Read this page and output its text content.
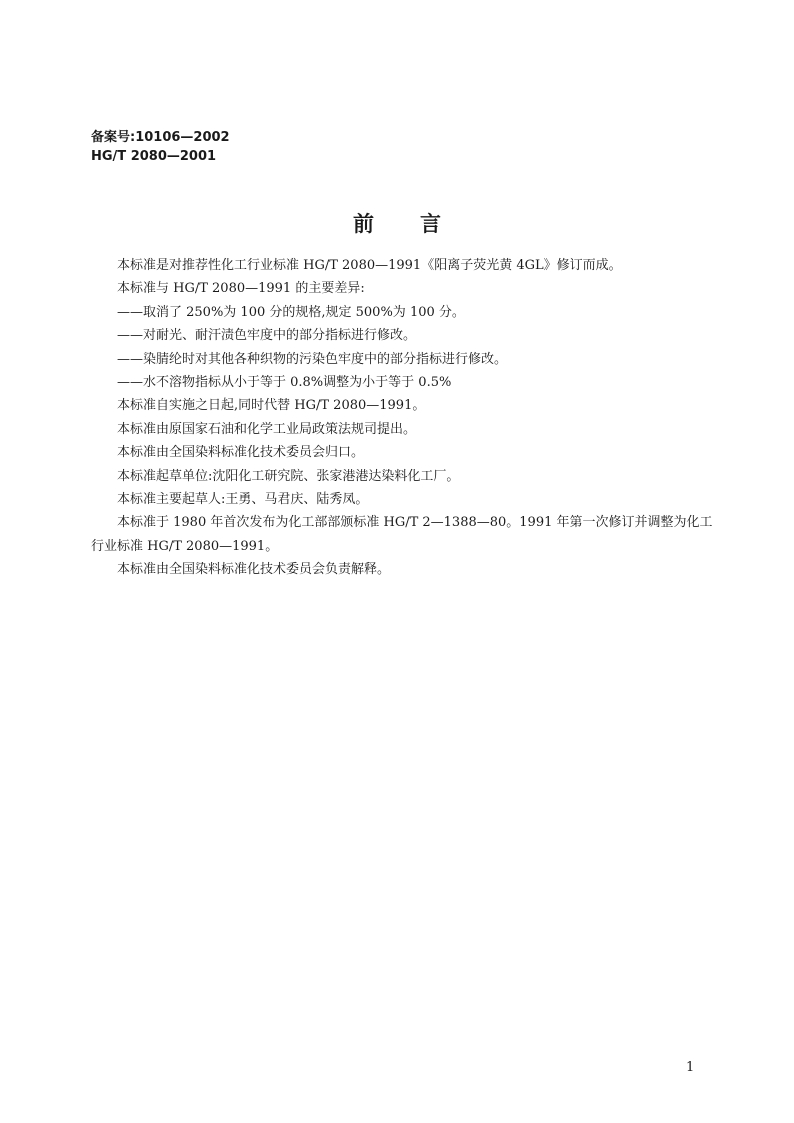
备案号:10106—2002
HG/T 2080—2001
前言

本标准是对推荐性化工行业标准 HG/T 2080—1991《阳离子荧光黄 4GL》修订而成。

本标准与 HG/T 2080—1991 的主要差异:

——取消了 250%为 100 分的规格,规定 500%为 100 分。

——对耐光、耐汗渍色牢度中的部分指标进行修改。

——染腈纶时对其他各种织物的污染色牢度中的部分指标进行修改。

——水不溶物指标从小于等于 0.8%调整为小于等于 0.5%

本标准自实施之日起,同时代替 HG/T 2080—1991。

本标准由原国家石油和化学工业局政策法规司提出。

本标准由全国染料标准化技术委员会归口。

本标准起草单位:沈阳化工研究院、张家港港达染料化工厂。

本标准主要起草人:王勇、马君庆、陆秀凤。

本标准于 1980 年首次发布为化工部部颁标准 HG/T 2—1388—80。1991 年第一次修订并调整为化工行业标准 HG/T 2080—1991。

本标准由全国染料标准化技术委员会负责解释。

1
